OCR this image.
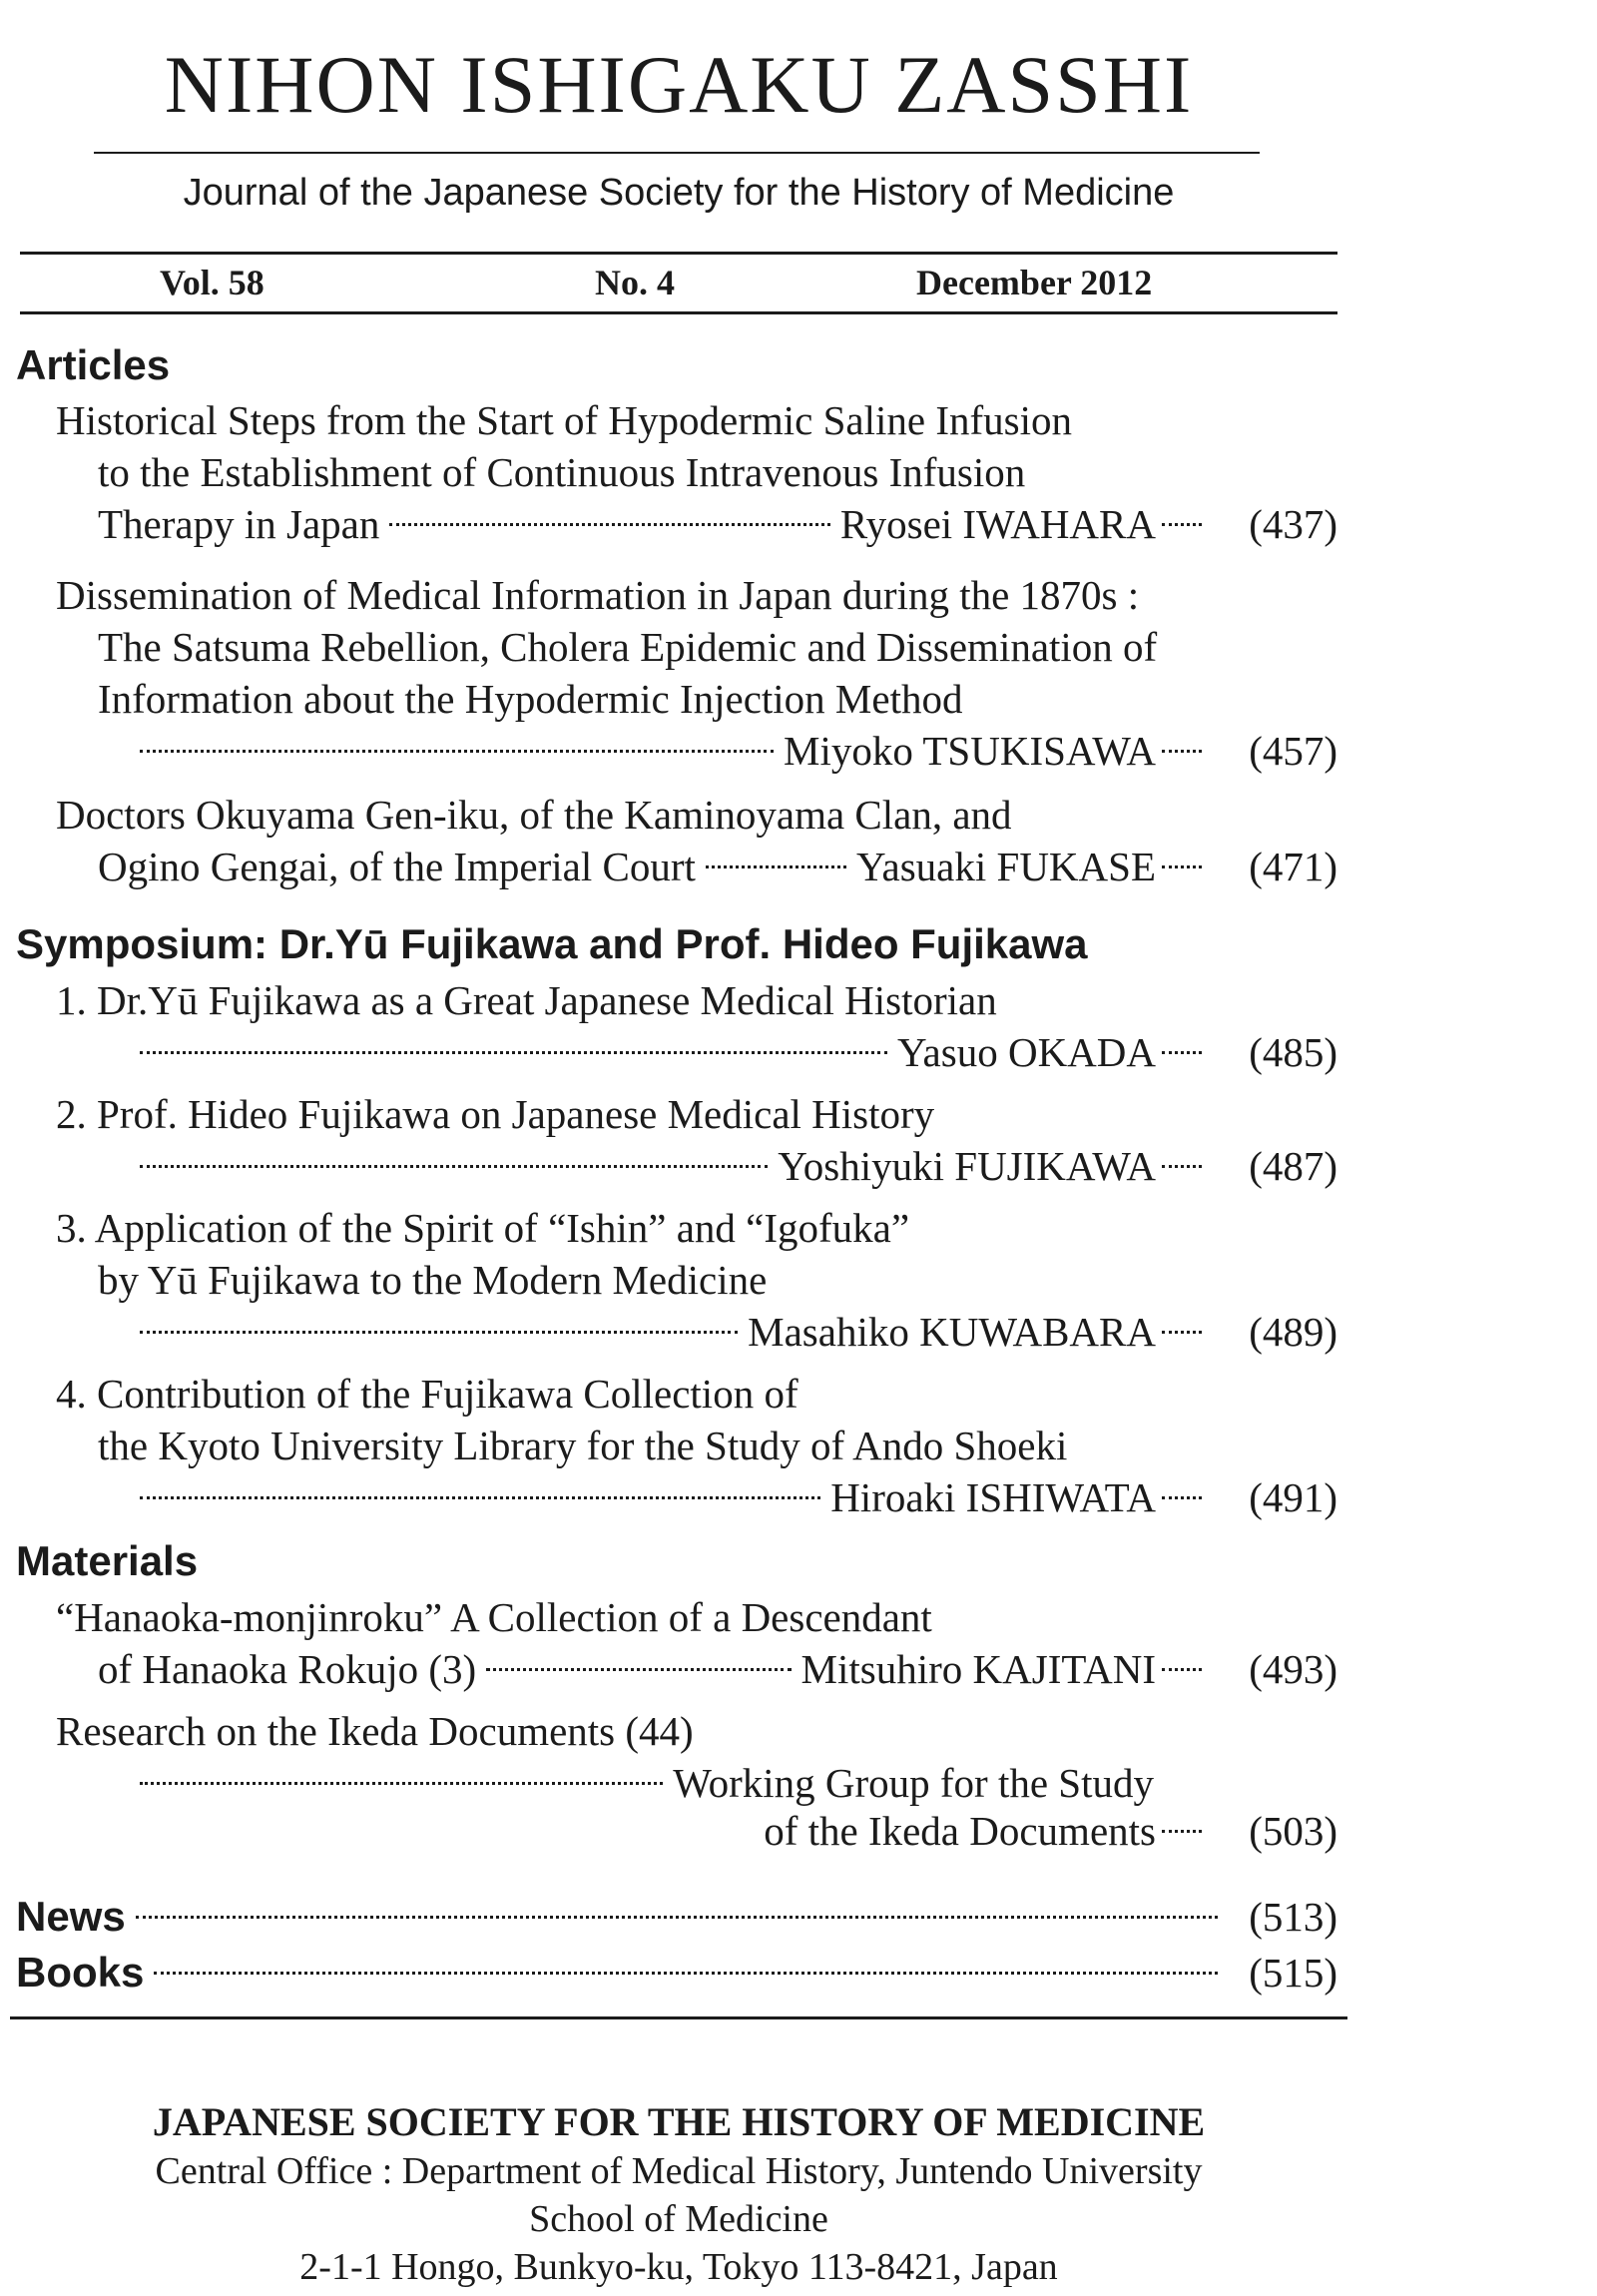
NIHON ISHIGAKU ZASSHI
Journal of the Japanese Society for the History of Medicine
Vol. 58	No. 4	December 2012
Articles
Historical Steps from the Start of Hypodermic Saline Infusion
to the Establishment of Continuous Intravenous Infusion
Therapy in Japan	Ryosei IWAHARA	(437)
Dissemination of Medical Information in Japan during the 1870s :
The Satsuma Rebellion, Cholera Epidemic and Dissemination of
Information about the Hypodermic Injection Method
Miyoko TSUKISAWA	(457)
Doctors Okuyama Gen-iku, of the Kaminoyama Clan, and
Ogino Gengai, of the Imperial Court	Yasuaki FUKASE	(471)
Symposium: Dr.Yū Fujikawa and Prof. Hideo Fujikawa
1. Dr.Yū Fujikawa as a Great Japanese Medical Historian
Yasuo OKADA	(485)
2. Prof. Hideo Fujikawa on Japanese Medical History
Yoshiyuki FUJIKAWA	(487)
3. Application of the Spirit of “Ishin” and “Igofuka”
by Yū Fujikawa to the Modern Medicine
Masahiko KUWABARA	(489)
4. Contribution of the Fujikawa Collection of
the Kyoto University Library for the Study of Ando Shoeki
Hiroaki ISHIWATA	(491)
Materials
“Hanaoka-monjinroku” A Collection of a Descendant
of Hanaoka Rokujo (3)	Mitsuhiro KAJITANI	(493)
Research on the Ikeda Documents (44)
Working Group for the Study
of the Ikeda Documents	(503)
News	(513)
Books	(515)
JAPANESE SOCIETY FOR THE HISTORY OF MEDICINE
Central Office : Department of Medical History, Juntendo University
School of Medicine
2-1-1 Hongo, Bunkyo-ku, Tokyo 113-8421, Japan
